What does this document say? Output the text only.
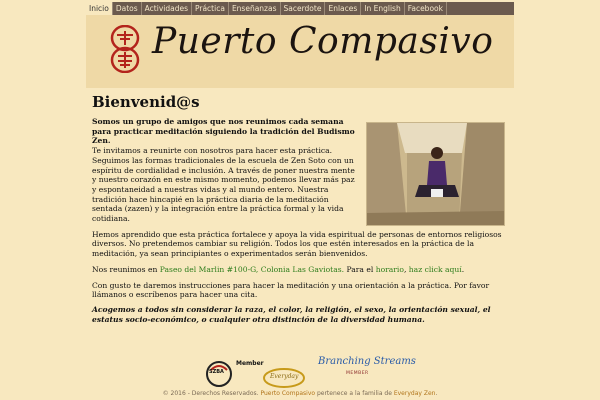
Inicio Datos Actividades Práctica Enseñanzas Sacerdote Enlaces In English Facebook
Puerto Compasivo
Bienvenid@s

Somos un grupo de amigos que nos reunimos cada semana para practicar meditación siguiendo la tradición del Budismo Zen.

Te invitamos a reunirte con nosotros para hacer esta práctica. Seguimos las formas tradicionales de la escuela de Zen Soto con un espíritu de cordialidad e inclusión. A través de poner nuestra mente y nuestro corazón en este mismo momento, podemos llevar más paz y espontaneidad a nuestras vidas y al mundo entero. Nuestra tradición hace hincapié en la práctica diaria de la meditación sentada (zazen) y la integración entre la práctica formal y la vida cotidiana.

Hemos aprendido que esta práctica fortalece y apoya la vida espiritual de personas de entornos religiosos diversos. No pretendemos cambiar su religión. Todos los que estén interesados en la práctica de la meditación, ya sean principiantes o experimentados serán bienvenidos.

Nos reunimos en Paseo del Marlin #100-G, Colonia Las Gaviotas. Para el horario, haz click aquí.

Con gusto te daremos instrucciones para hacer la meditación y una orientación a la práctica. Por favor llámanos o escríbenos para hacer una cita.

Acogemos a todos sin considerar la raza, el color, la religión, el sexo, la orientación sexual, el estatus socio-económico, o cualquier otra distinción de la diversidad humana.

SZBA
Member
Everyday
Branching Streams
MEMBER
© 2016 - Derechos Reservados. Puerto Compasivo pertenece a la familia de Everyday Zen.
